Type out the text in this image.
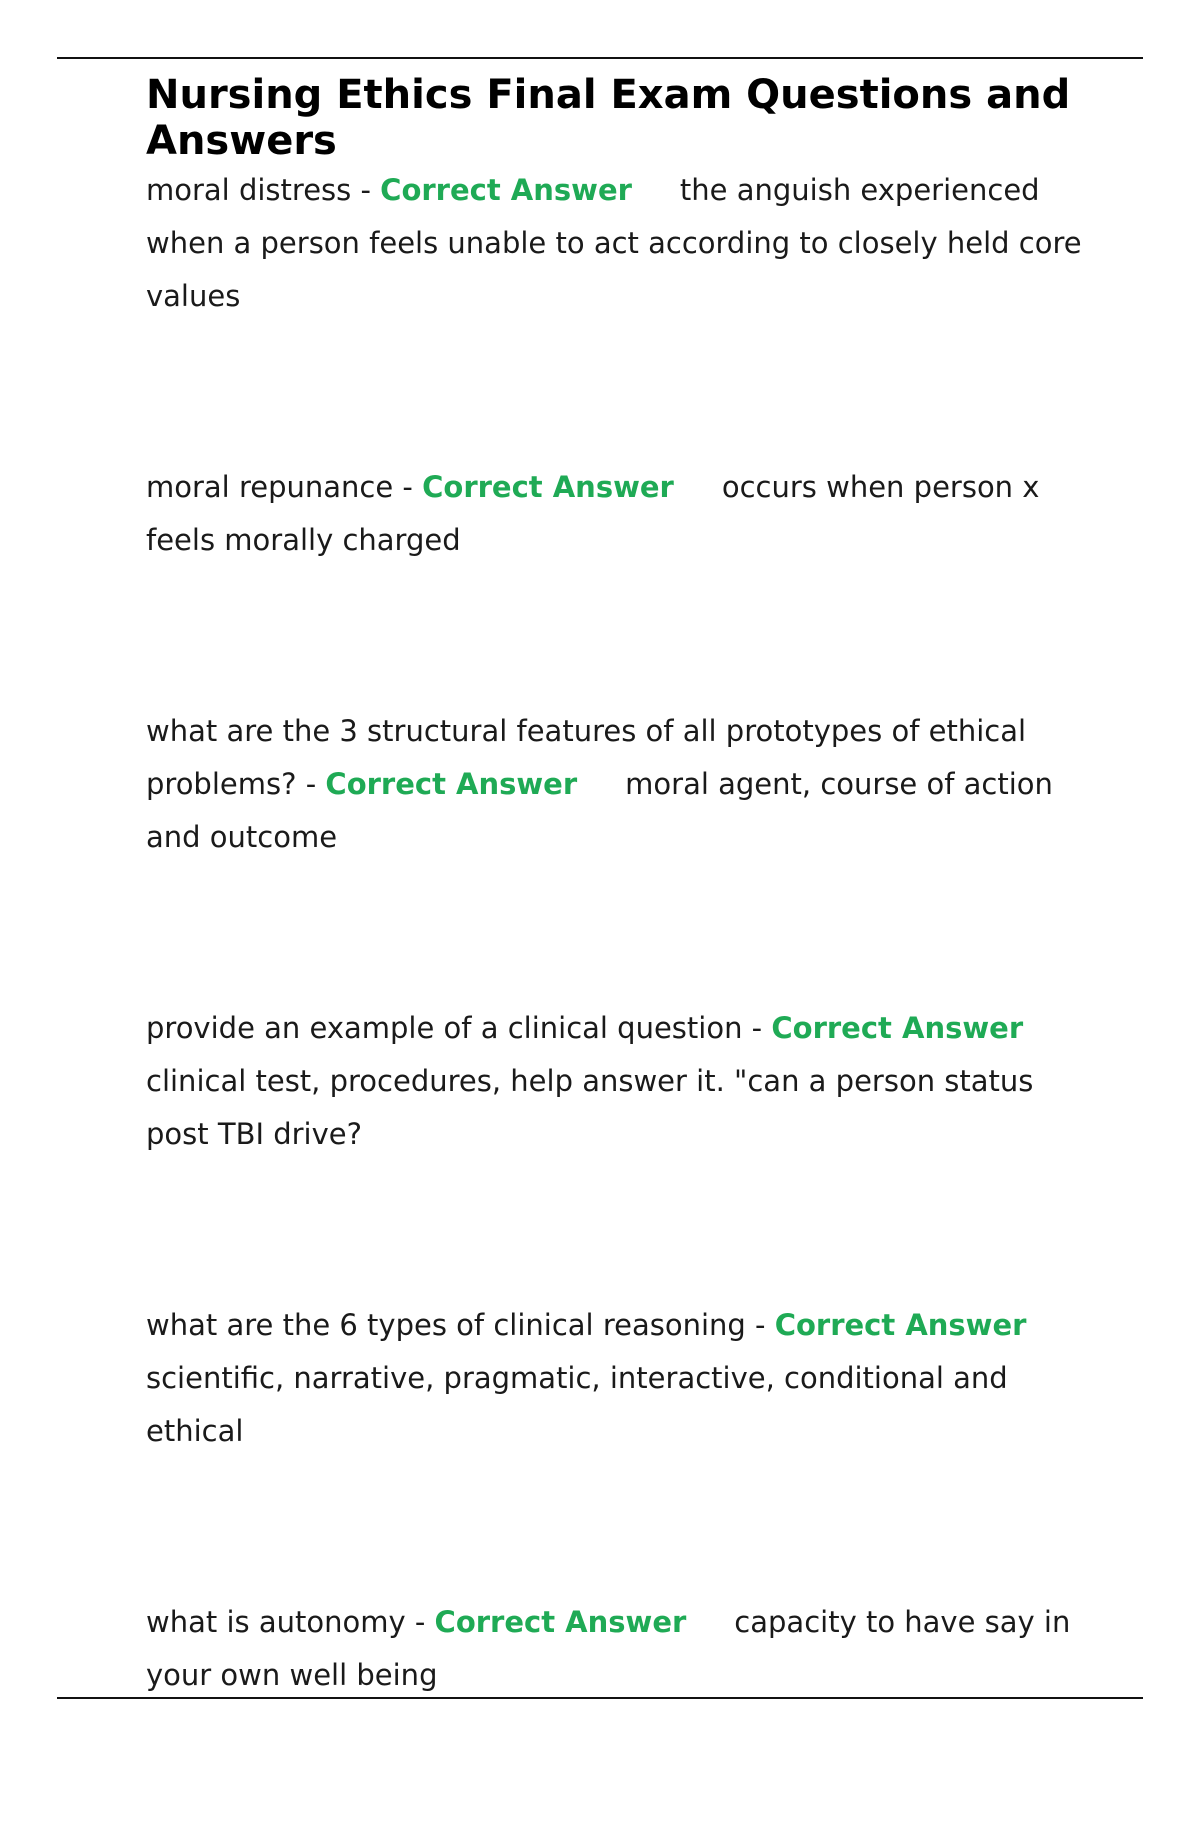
Nursing Ethics Final Exam Questions and Answers
moral distress - Correct Answer the anguish experienced when a person feels unable to act according to closely held core values
moral repunance - Correct Answer occurs when person x feels morally charged
what are the 3 structural features of all prototypes of ethical problems? - Correct Answer moral agent, course of action and outcome
provide an example of a clinical question - Correct Answerclinical test, procedures, help answer it. "can a person status post TBI drive?
what are the 6 types of clinical reasoning - Correct Answerscientific, narrative, pragmatic, interactive, conditional and ethical
what is autonomy - Correct Answer capacity to have say in your own well being
